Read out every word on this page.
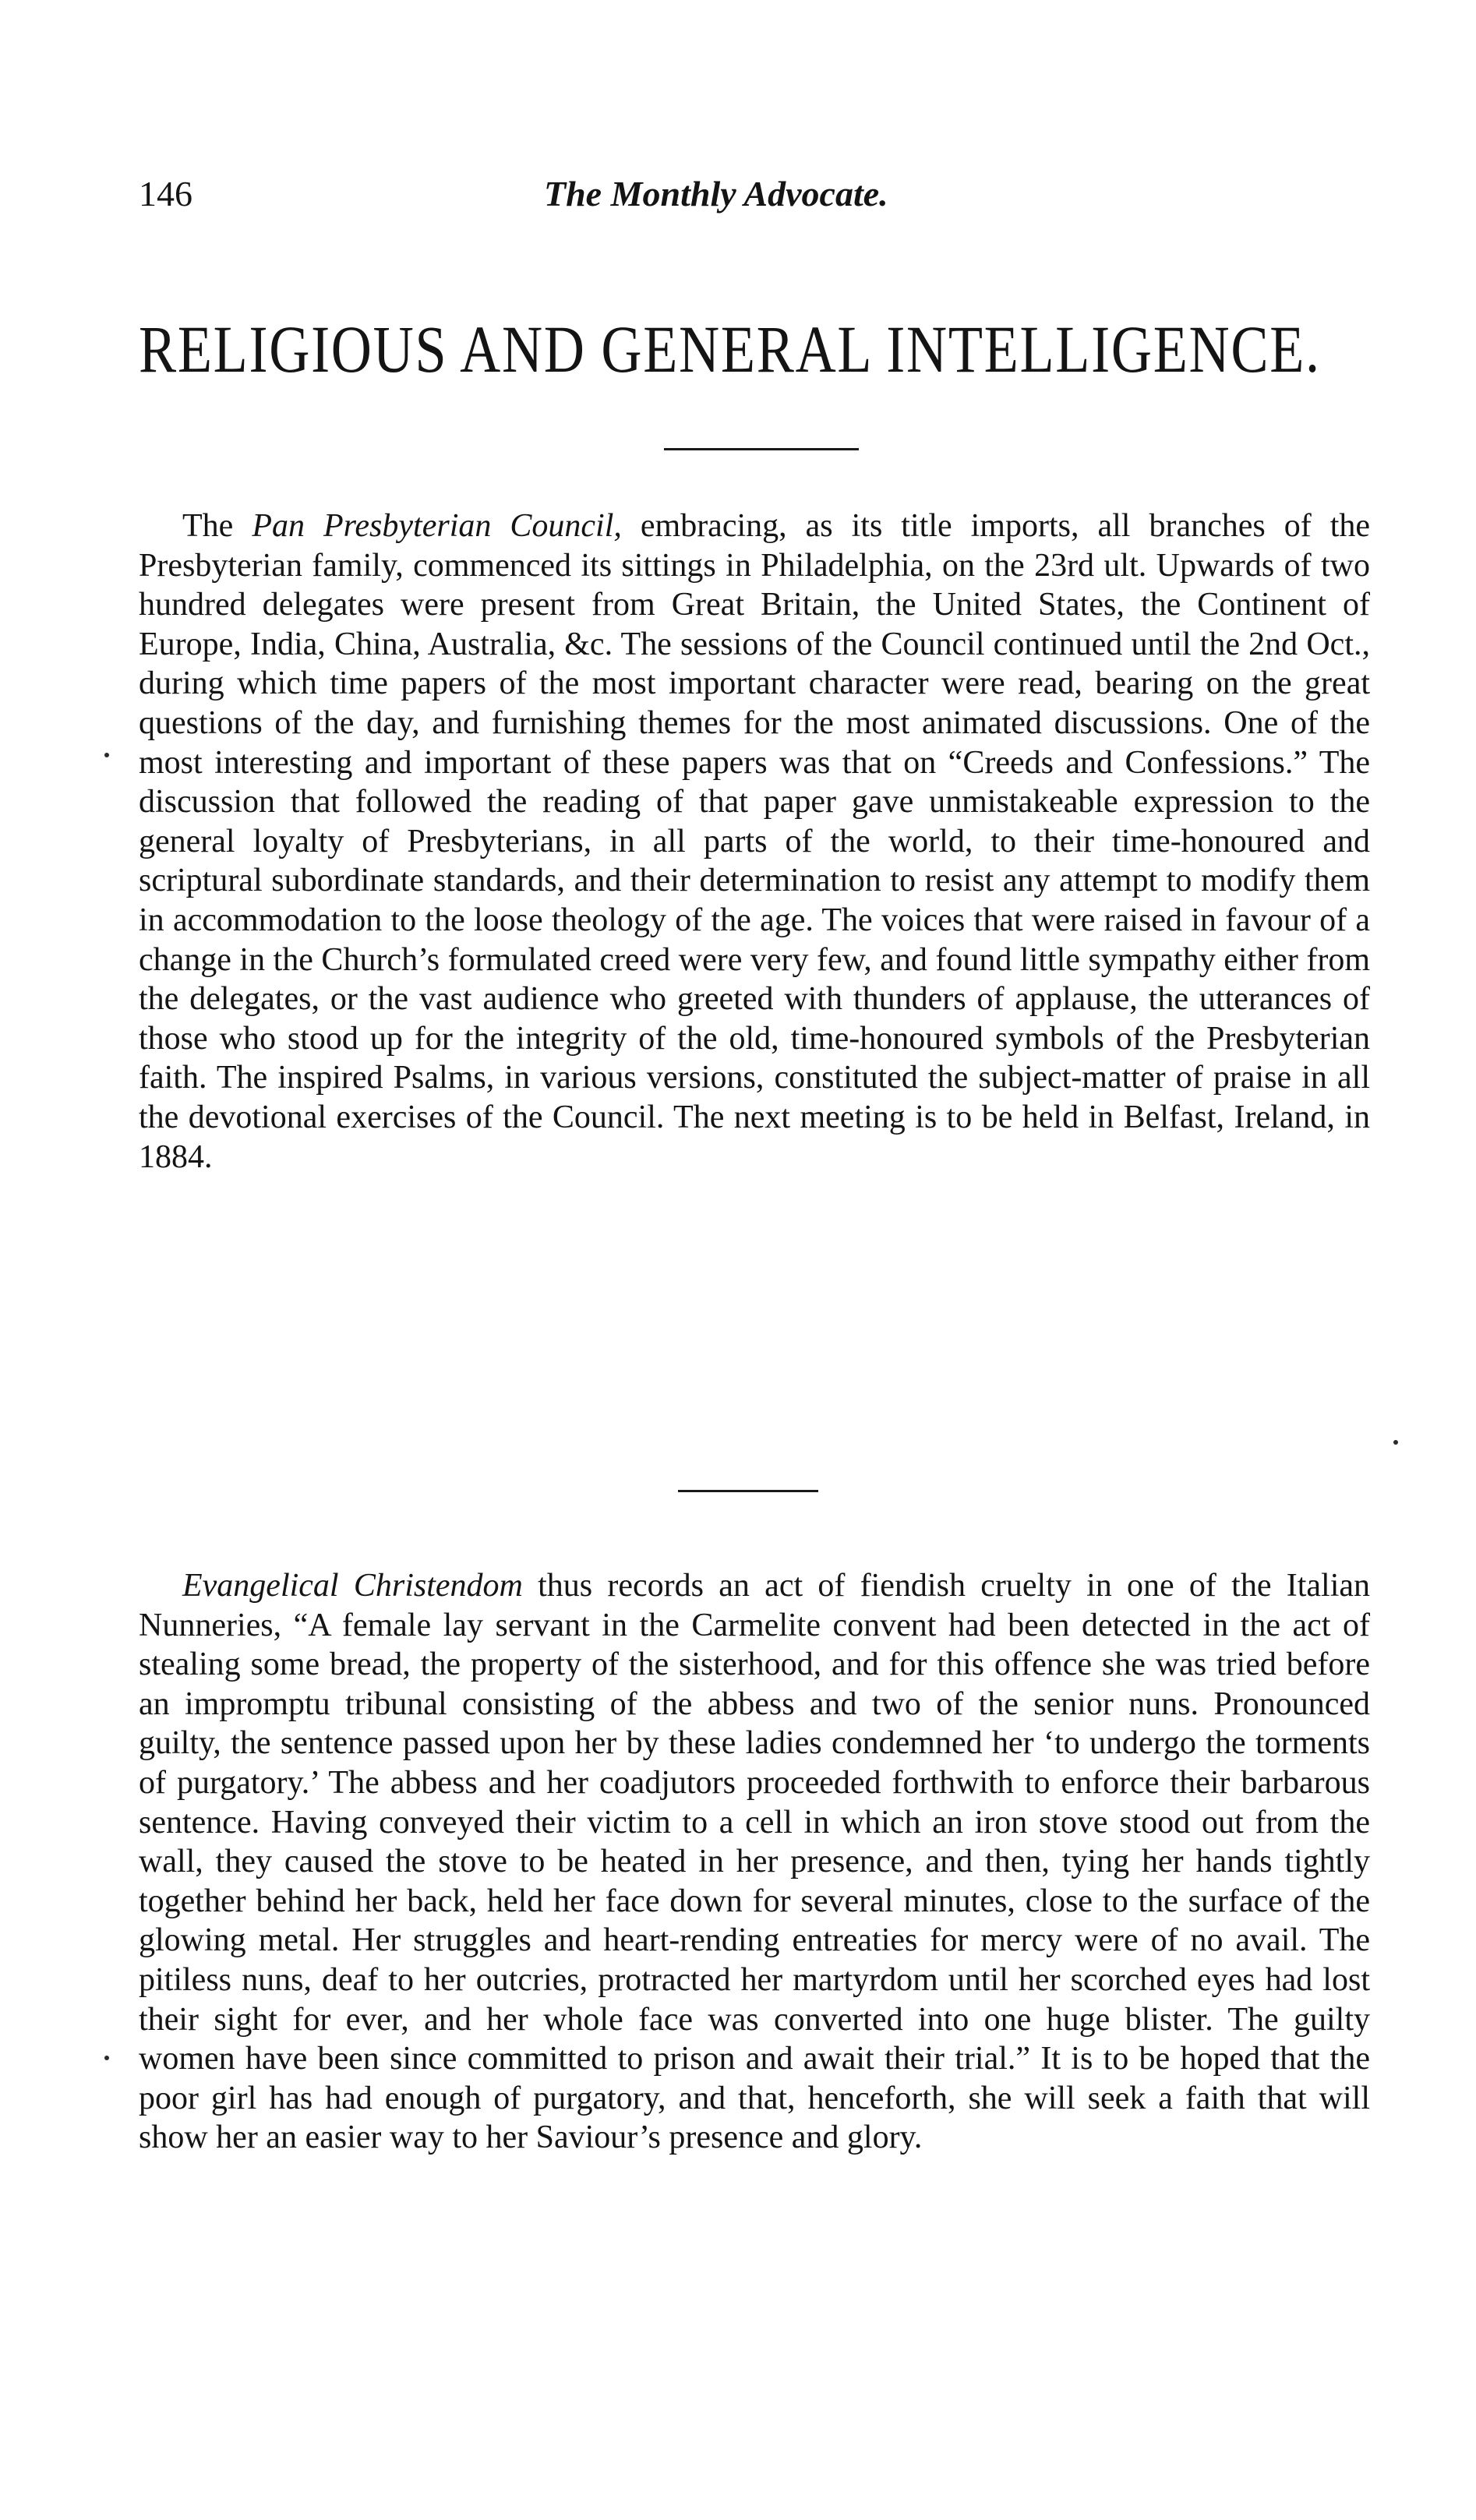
146	The Monthly Advocate.
RELIGIOUS AND GENERAL INTELLIGENCE.

The Pan Presbyterian Council, embracing, as its title imports, all branches of the Presbyterian family, commenced its sittings in Philadelphia, on the 23rd ult. Upwards of two hundred delegates were present from Great Britain, the United States, the Continent of Europe, India, China, Australia, &c. The sessions of the Council continued until the 2nd Oct., during which time papers of the most important character were read, bearing on the great questions of the day, and furnishing themes for the most animated discussions. One of the most interesting and important of these papers was that on “Creeds and Confessions.” The discussion that followed the reading of that paper gave unmistakeable expression to the general loyalty of Presbyterians, in all parts of the world, to their time-honoured and scriptural subordinate standards, and their determination to resist any attempt to modify them in accommodation to the loose theology of the age. The voices that were raised in favour of a change in the Church’s formulated creed were very few, and found little sympathy either from the delegates, or the vast audience who greeted with thunders of applause, the utterances of those who stood up for the integrity of the old, time-honoured symbols of the Presbyterian faith. The inspired Psalms, in various versions, constituted the subject-matter of praise in all the devotional exercises of the Council. The next meeting is to be held in Belfast, Ireland, in 1884.

Evangelical Christendom thus records an act of fiendish cruelty in one of the Italian Nunneries, “A female lay servant in the Carmelite convent had been detected in the act of stealing some bread, the property of the sisterhood, and for this offence she was tried before an impromptu tribunal consisting of the abbess and two of the senior nuns. Pronounced guilty, the sentence passed upon her by these ladies condemned her ‘to undergo the torments of purgatory.’ The abbess and her coadjutors proceeded forthwith to enforce their barbarous sentence. Having conveyed their victim to a cell in which an iron stove stood out from the wall, they caused the stove to be heated in her presence, and then, tying her hands tightly together behind her back, held her face down for several minutes, close to the surface of the glowing metal. Her struggles and heart-rending entreaties for mercy were of no avail. The pitiless nuns, deaf to her outcries, protracted her martyrdom until her scorched eyes had lost their sight for ever, and her whole face was converted into one huge blister. The guilty women have been since committed to prison and await their trial.” It is to be hoped that the poor girl has had enough of purgatory, and that, henceforth, she will seek a faith that will show her an easier way to her Saviour’s presence and glory.
